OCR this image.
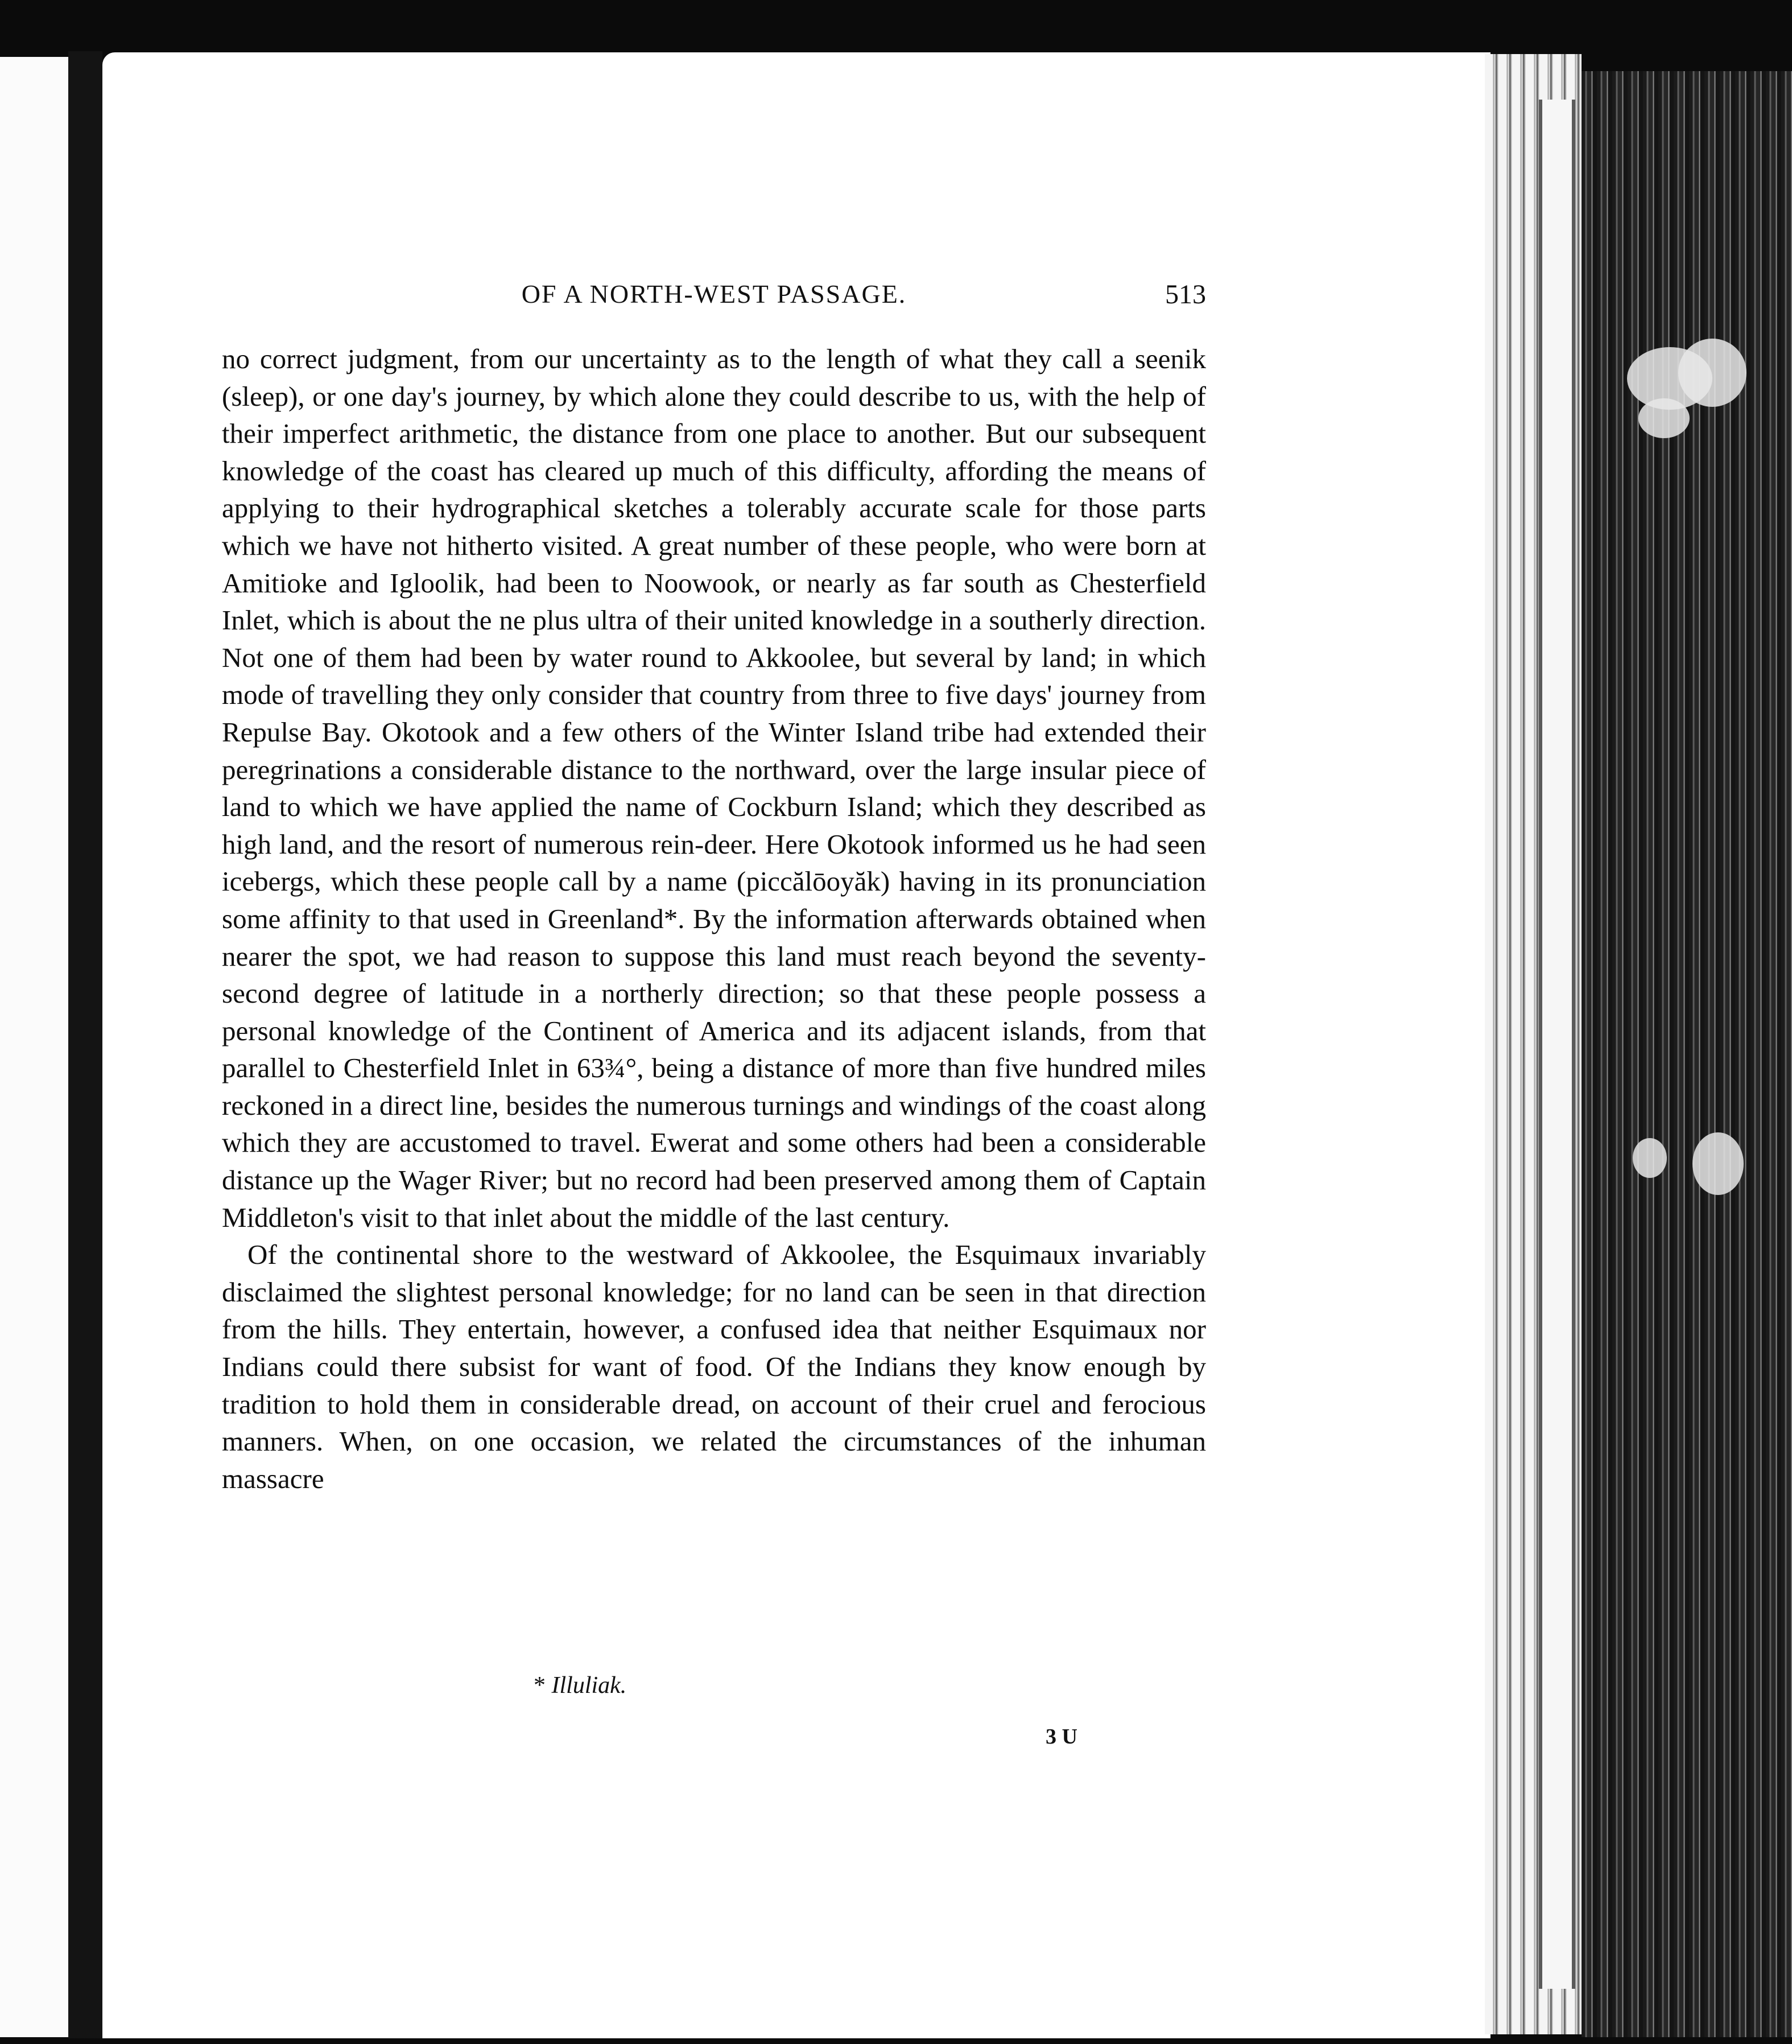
OF A NORTH-WEST PASSAGE.	513

no correct judgment, from our uncertainty as to the length of what they call a seenik (sleep), or one day's journey, by which alone they could describe to us, with the help of their imperfect arithmetic, the distance from one place to another. But our subsequent knowledge of the coast has cleared up much of this difficulty, affording the means of applying to their hydrographical sketches a tolerably accurate scale for those parts which we have not hitherto visited. A great number of these people, who were born at Amitioke and Igloolik, had been to Noowook, or nearly as far south as Chesterfield Inlet, which is about the ne plus ultra of their united knowledge in a southerly direction. Not one of them had been by water round to Akkoolee, but several by land; in which mode of travelling they only consider that country from three to five days' journey from Repulse Bay. Okotook and a few others of the Winter Island tribe had extended their peregrinations a considerable distance to the northward, over the large insular piece of land to which we have applied the name of Cockburn Island; which they described as high land, and the resort of numerous rein-deer. Here Okotook informed us he had seen icebergs, which these people call by a name (piccălōoyăk) having in its pronunciation some affinity to that used in Greenland*. By the information afterwards obtained when nearer the spot, we had reason to suppose this land must reach beyond the seventy-second degree of latitude in a northerly direction; so that these people possess a personal knowledge of the Continent of America and its adjacent islands, from that parallel to Chesterfield Inlet in 63¾°, being a distance of more than five hundred miles reckoned in a direct line, besides the numerous turnings and windings of the coast along which they are accustomed to travel. Ewerat and some others had been a considerable distance up the Wager River; but no record had been preserved among them of Captain Middleton's visit to that inlet about the middle of the last century.

Of the continental shore to the westward of Akkoolee, the Esquimaux invariably disclaimed the slightest personal knowledge; for no land can be seen in that direction from the hills. They entertain, however, a confused idea that neither Esquimaux nor Indians could there subsist for want of food. Of the Indians they know enough by tradition to hold them in considerable dread, on account of their cruel and ferocious manners. When, on one occasion, we related the circumstances of the inhuman massacre

* Illuliak.
3 U
